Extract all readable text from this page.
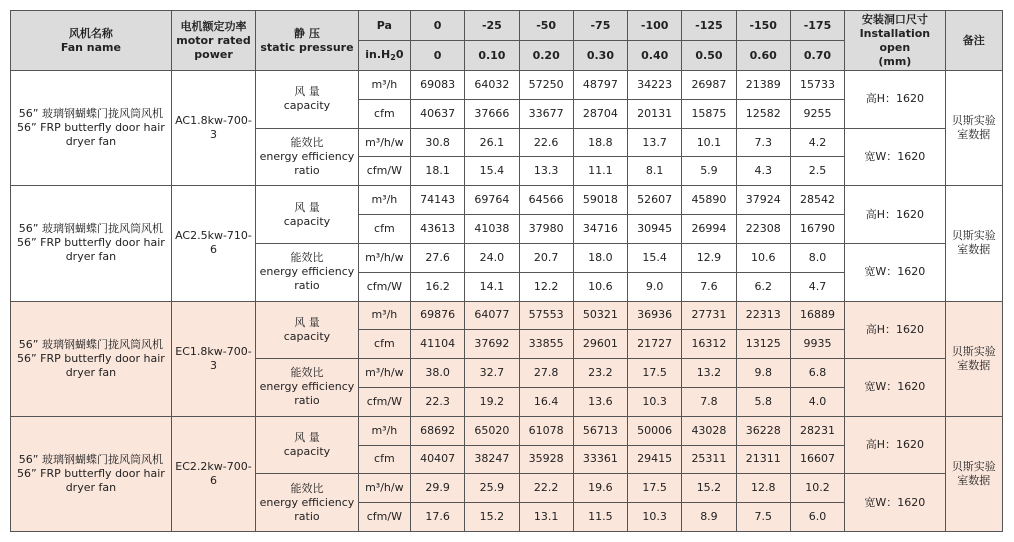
风机名称
Fan name	电机额定功率
motor rated
power	静 压
static pressure	Pa	0	-25	-50	-75	-100	-125	-150	-175	安装洞口尺寸
Installation open
(mm)	备注
			in.H20	0	0.10	0.20	0.30	0.40	0.50	0.60	0.70		

56” 玻璃钢蝴蝶门拢风筒风机
56” FRP butterfly door hair
dryer fan	AC1.8kw-700-3	风 量
capacity	m³/h	69083	64032	57250	48797	34223	26987	21389	15733	高H：1620	贝斯实验
室数据

			cfm	40637	37666	33677	28704	20131	15875	12582	9255		

		能效比
energy efficiency
ratio	m³/h/w	30.8	26.1	22.6	18.8	13.7	10.1	7.3	4.2	宽W：1620	
			cfm/W	18.1	15.4	13.3	11.1	8.1	5.9	4.3	2.5		

56” 玻璃钢蝴蝶门拢风筒风机
56” FRP butterfly door hair
dryer fan	AC2.5kw-710-6	风 量
capacity	m³/h	74143	69764	64566	59018	52607	45890	37924	28542	高H：1620	贝斯实验
室数据

			cfm	43613	41038	37980	34716	30945	26994	22308	16790		

		能效比
energy efficiency
ratio	m³/h/w	27.6	24.0	20.7	18.0	15.4	12.9	10.6	8.0	宽W：1620	
			cfm/W	16.2	14.1	12.2	10.6	9.0	7.6	6.2	4.7		

56” 玻璃钢蝴蝶门拢风筒风机
56” FRP butterfly door hair
dryer fan	EC1.8kw-700-3	风 量
capacity	m³/h	69876	64077	57553	50321	36936	27731	22313	16889	高H：1620	贝斯实验
室数据

			cfm	41104	37692	33855	29601	21727	16312	13125	9935		

		能效比
energy efficiency
ratio	m³/h/w	38.0	32.7	27.8	23.2	17.5	13.2	9.8	6.8	宽W：1620	
			cfm/W	22.3	19.2	16.4	13.6	10.3	7.8	5.8	4.0		

56” 玻璃钢蝴蝶门拢风筒风机
56” FRP butterfly door hair
dryer fan	EC2.2kw-700-6	风 量
capacity	m³/h	68692	65020	61078	56713	50006	43028	36228	28231	高H：1620	贝斯实验
室数据

			cfm	40407	38247	35928	33361	29415	25311	21311	16607		

		能效比
energy efficiency
ratio	m³/h/w	29.9	25.9	22.2	19.6	17.5	15.2	12.8	10.2	宽W：1620	
			cfm/W	17.6	15.2	13.1	11.5	10.3	8.9	7.5	6.0		
